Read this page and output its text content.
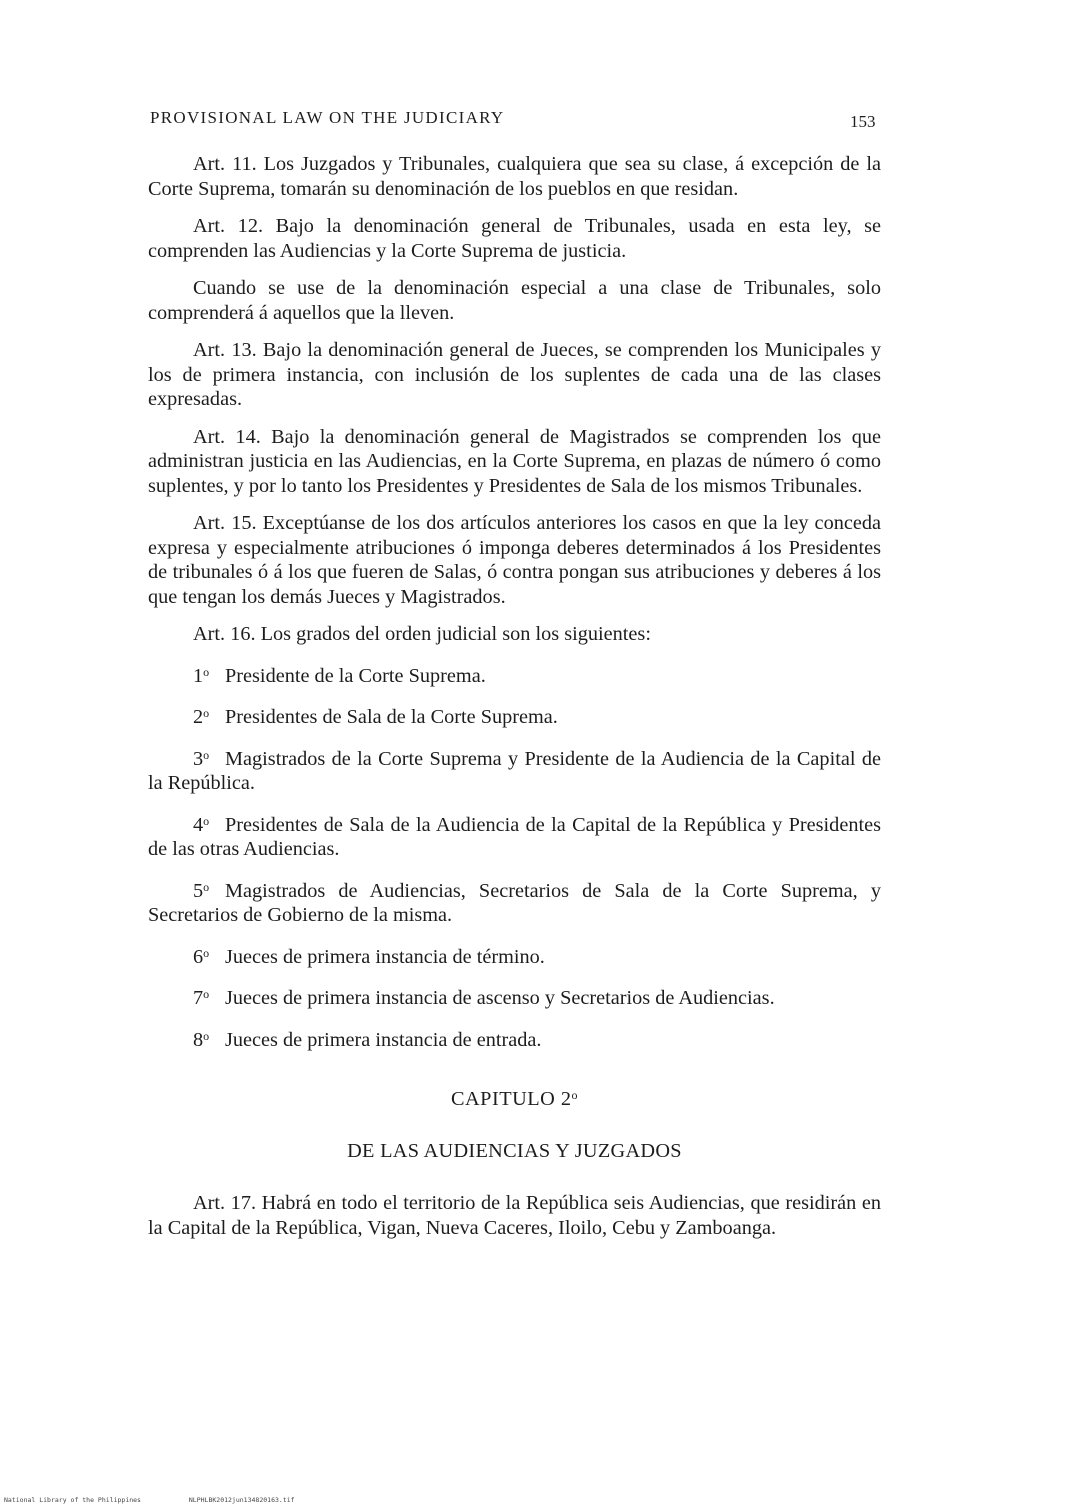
PROVISIONAL LAW ON THE JUDICIARY	153

Art. 11. Los Juzgados y Tribunales, cualquiera que sea su clase, á excepción de la Corte Suprema, tomarán su denominación de los pueblos en que residan.

Art. 12. Bajo la denominación general de Tribunales, usada en esta ley, se comprenden las Audiencias y la Corte Suprema de justicia.

Cuando se use de la denominación especial a una clase de Tribunales, solo comprenderá á aquellos que la lleven.

Art. 13. Bajo la denominación general de Jueces, se comprenden los Municipales y los de primera instancia, con inclusión de los suplentes de cada una de las clases expresadas.

Art. 14. Bajo la denominación general de Magistrados se comprenden los que administran justicia en las Audiencias, en la Corte Suprema, en plazas de número ó como suplentes, y por lo tanto los Presidentes y Presidentes de Sala de los mismos Tribunales.

Art. 15. Exceptúanse de los dos artículos anteriores los casos en que la ley conceda expresa y especialmente atribuciones ó imponga deberes determinados á los Presidentes de tribunales ó á los que fueren de Salas, ó contra pongan sus atribuciones y deberes á los que tengan los demás Jueces y Magistrados.

Art. 16. Los grados del orden judicial son los siguientes:

1$^o$ Presidente de la Corte Suprema.
2$^o$ Presidentes de Sala de la Corte Suprema.
3$^o$ Magistrados de la Corte Suprema y Presidente de la Audiencia de la Capital de la República.
4$^o$ Presidentes de Sala de la Audiencia de la Capital de la República y Presidentes de las otras Audiencias.
5$^o$ Magistrados de Audiencias, Secretarios de Sala de la Corte Suprema, y Secretarios de Gobierno de la misma.
6$^o$ Jueces de primera instancia de término.
7$^o$ Jueces de primera instancia de ascenso y Secretarios de Audiencias.
8$^o$ Jueces de primera instancia de entrada.
CAPITULO 2$^o$
DE LAS AUDIENCIAS Y JUZGADOS

Art. 17. Habrá en todo el territorio de la República seis Audiencias, que residirán en la Capital de la República, Vigan, Nueva Caceres, Iloilo, Cebu y Zamboanga.

National Library of the Philippines	NLPHLBK2012jun134820163.tif
